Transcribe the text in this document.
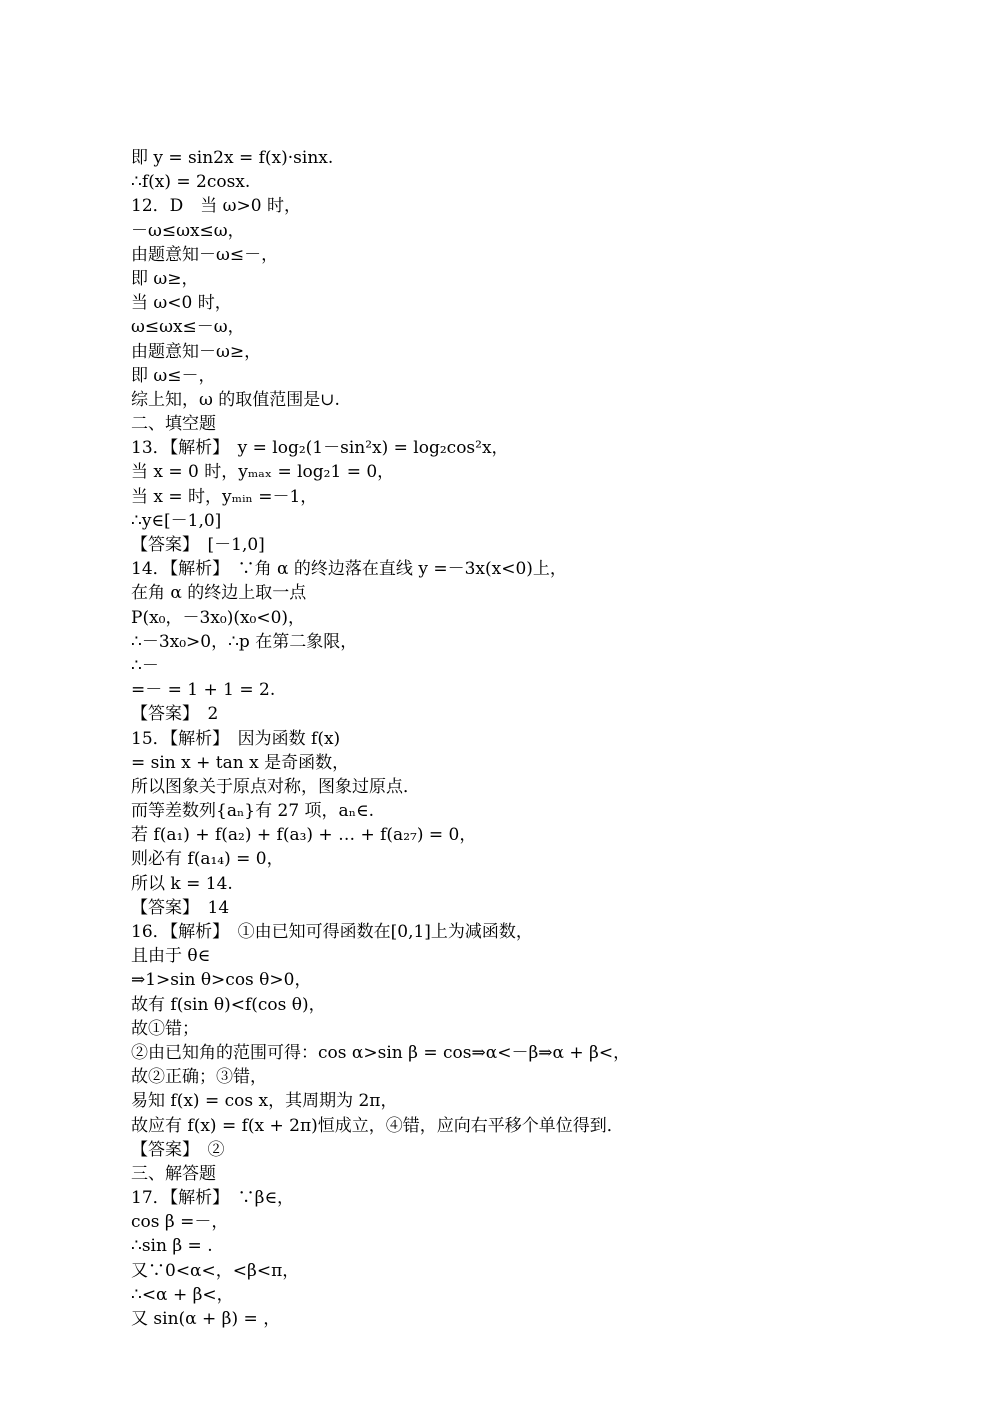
即 y = sin2x = f(x)·sinx.
∴f(x) = 2cosx.
12．D　当 ω>0 时，
－ω≤ωx≤ω，
由题意知－ω≤－，
即 ω≥，
当 ω<0 时，
ω≤ωx≤－ω，
由题意知－ω≥，
即 ω≤－，
综上知，ω 的取值范围是∪.
二、填空题
13．【解析】　y = log₂(1－sin²x) = log₂cos²x，
当 x = 0 时，yₘₐₓ = log₂1 = 0，
当 x = 时，yₘᵢₙ =－1，
∴y∈[－1,0]
【答案】　[－1,0]
14．【解析】　∵角 α 的终边落在直线 y =－3x(x<0)上，
在角 α 的终边上取一点
P(x₀，－3x₀)(x₀<0)，
∴－3x₀>0，∴p 在第二象限，
∴－
=－ = 1 + 1 = 2.
【答案】　2
15．【解析】　因为函数 f(x)
= sin x + tan x 是奇函数，
所以图象关于原点对称，图象过原点．
而等差数列{aₙ}有 27 项，aₙ∈.
若 f(a₁) + f(a₂) + f(a₃) + … + f(a₂₇) = 0，
则必有 f(a₁₄) = 0，
所以 k = 14.
【答案】　14
16．【解析】　①由已知可得函数在[0,1]上为减函数，
且由于 θ∈
⇒1>sin θ>cos θ>0，
故有 f(sin θ)<f(cos θ)，
故①错；
②由已知角的范围可得：cos α>sin β = cos⇒α<－β⇒α + β<，
故②正确；③错，
易知 f(x) = cos x，其周期为 2π，
故应有 f(x) = f(x + 2π)恒成立，④错，应向右平移个单位得到．
【答案】　②
三、解答题
17．【解析】　∵β∈，
cos β =－，
∴sin β = .
又∵0<α<，<β<π，
∴<α + β<，
又 sin(α + β) = ，
